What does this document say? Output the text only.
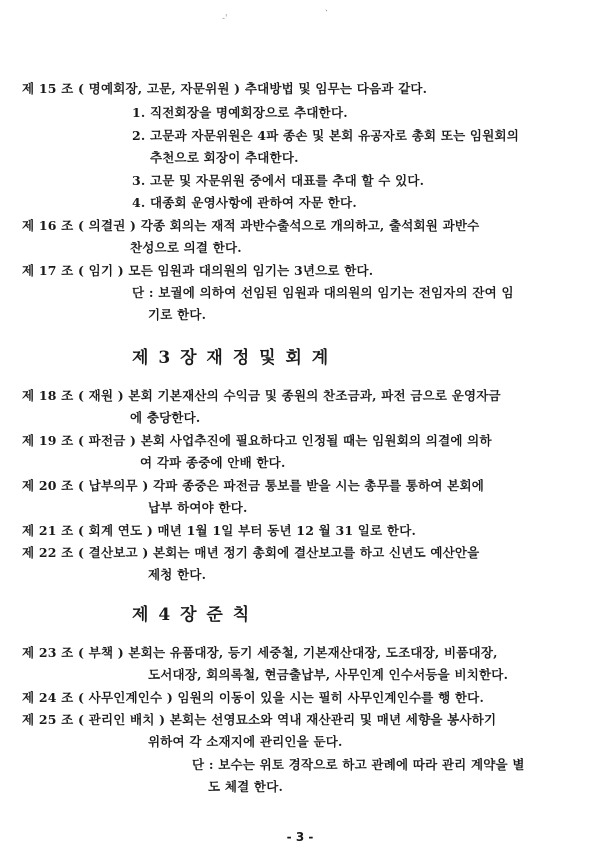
ㆍ
-'
제 15 조 ( 명예회장, 고문, 자문위원 ) 추대방법 및 임무는 다음과 같다.
1. 직전회장을 명예회장으로 추대한다.
2. 고문과 자문위원은 4파 종손 및 본회 유공자로 총회 또는 임원회의
추천으로 회장이 추대한다.
3. 고문 및 자문위원 중에서 대표를 추대 할 수 있다.
4. 대종회 운영사항에 관하여 자문 한다.
제 16 조 ( 의결권 ) 각종 회의는 재적 과반수출석으로 개의하고, 출석회원 과반수
찬성으로 의결 한다.
제 17 조 ( 임기 ) 모든 임원과 대의원의 임기는 3년으로 한다.
단 : 보궐에 의하여 선임된 임원과 대의원의 임기는 전임자의 잔여 임
기로 한다.
제 3 장 재 정 및 회 계
제 18 조 ( 재원 ) 본회 기본재산의 수익금 및 종원의 찬조금과, 파전 금으로 운영자금
에 충당한다.
제 19 조 ( 파전금 ) 본회 사업추진에 필요하다고 인정될 때는 임원회의 의결에 의하
여 각파 종중에 안배 한다.
제 20 조 ( 납부의무 ) 각파 종중은 파전금 통보를 받을 시는 총무를 통하여 본회에
납부 하여야 한다.
제 21 조 ( 회계 연도 ) 매년 1월 1일 부터 동년 12 월 31 일로 한다.
제 22 조 ( 결산보고 ) 본회는 매년 정기 총회에 결산보고를 하고 신년도 예산안을
제청 한다.
제 4 장 준 칙
제 23 조 ( 부책 ) 본회는 유품대장, 등기 세중철, 기본재산대장, 도조대장, 비품대장,
도서대장, 회의록철, 현금출납부, 사무인계 인수서등을 비치한다.
제 24 조 ( 사무인계인수 ) 임원의 이동이 있을 시는 필히 사무인계인수를 행 한다.
제 25 조 ( 관리인 배치 ) 본회는 선영묘소와 역내 재산관리 및 매년 세향을 봉사하기
위하여 각 소재지에 관리인을 둔다.
단 : 보수는 위토 경작으로 하고 관례에 따라 관리 계약을 별
도 체결 한다.
- 3 -
